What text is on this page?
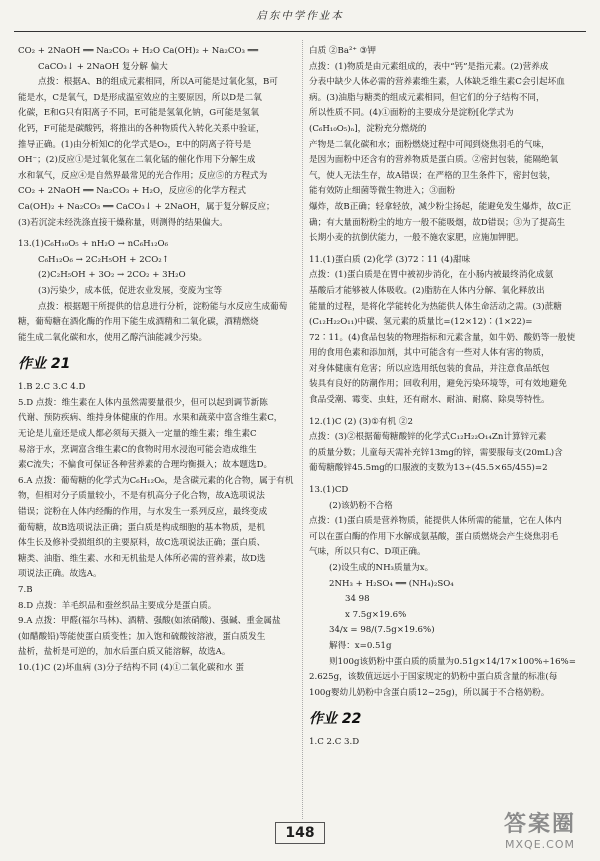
启东中学作业本
CO₂ + 2NaOH ══ Na₂CO₃ + H₂O Ca(OH)₂ + Na₂CO₃ ══
CaCO₃↓ + 2NaOH 复分解 偏大
点拨：根据A、B的组成元素相同，所以A可能是过氧化氢，B可
能是水，C是氧气，D是形成温室效应的主要原因，所以D是二氧
化碳，E和G只有阳离子不同，E可能是氢氧化钠，G可能是氢氧
化钙，F可能是碳酸钙，将推出的各种物质代入转化关系中验证，
推导正确。(1)由分析知C的化学式是O₂，E中的阴离子符号是
OH⁻；(2)反应①是过氧化氢在二氧化锰的催化作用下分解生成
水和氧气，反应④是自然界最常见的光合作用；反应⑤的方程式为
CO₂ + 2NaOH ══ Na₂CO₃ + H₂O，反应⑥的化学方程式
Ca(OH)₂ + Na₂CO₃ ══ CaCO₃↓ + 2NaOH，属于复分解反应；
(3)若沉淀未经洗涤直接干燥称量，则测得的结果偏大。
13.(1)C₆H₁₀O₅ + nH₂O → nC₆H₁₂O₆
C₆H₁₂O₆ → 2C₂H₅OH + 2CO₂↑
(2)C₂H₅OH + 3O₂ → 2CO₂ + 3H₂O
(3)污染少，成本低，促进农业发展，变废为宝等
点拨：根据题干所提供的信息进行分析，淀粉能与水反应生成葡萄
糖，葡萄糖在酒化酶的作用下能生成酒精和二氧化碳，酒精燃烧
能生成二氧化碳和水，使用乙醇汽油能减少污染。
作业 21
1.B 2.C 3.C 4.D
5.D 点拨：维生素在人体内虽然需要量很少，但可以起到调节新陈
代谢、预防疾病、维持身体健康的作用。水果和蔬菜中富含维生素C，
无论是儿童还是成人都必须每天摄入一定量的维生素；维生素C
易溶于水，烹调富含维生素C的食物时用水浸泡可能会造成维生
素C流失；不偏食可保证各种营养素的合理均衡摄入；故本题选D。
6.A 点拨：葡萄糖的化学式为C₆H₁₂O₆，是含碳元素的化合物，属于有机
物，但相对分子质量较小，不是有机高分子化合物，故A选项说法
错误；淀粉在人体内经酶的作用，与水发生一系列反应，最终变成
葡萄糖，故B选项说法正确；蛋白质是构成细胞的基本物质，是机
体生长及修补受损组织的主要原料，故C选项说法正确；蛋白质、
糖类、油脂、维生素、水和无机盐是人体所必需的营养素，故D选
项说法正确。故选A。
7.B
8.D 点拨：羊毛织品和蚕丝织品主要成分是蛋白质。
9.A 点拨：甲醛(福尔马林)、酒精、强酸(如浓硝酸)、强碱、重金属盐
(如醋酸铅)等能使蛋白质变性；加入饱和硫酸铵溶液，蛋白质发生
盐析，盐析是可逆的，加水后蛋白质又能溶解，故选A。
10.(1)C (2)坏血病 (3)分子结构不同 (4)①二氧化碳和水 蛋
白质 ②Ba²⁺ ③钾
点拨：(1)物质是由元素组成的，表中“钙”是指元素。(2)营养成
分表中缺少人体必需的营养素维生素，人体缺乏维生素C会引起坏血
病。(3)油脂与糖类的组成元素相同，但它们的分子结构不同，
所以性质不同。(4)①面粉的主要成分是淀粉[化学式为
(C₆H₁₀O₅)ₙ]，淀粉充分燃烧的
产物是二氧化碳和水；面粉燃烧过程中可闻到烧焦羽毛的气味，
是因为面粉中还含有的营养物质是蛋白质。②密封包装，能隔绝氧
气，使人无法生存，故A错误；在严格的卫生条件下，密封包装，
能有效防止细菌等微生物进入；③面粉
爆炸，故B正确；轻拿轻放，减少粉尘扬起，能避免发生爆炸，故C正
确；有大量面粉粉尘的地方一般不能吸烟，故D错误；③为了提高生
长期小麦的抗倒伏能力，一般不施农家肥，应施加钾肥。
11.(1)蛋白质 (2)化学 (3)72∶11 (4)甜味
点拨：(1)蛋白质是在胃中被初步消化，在小肠内被最终消化成氨
基酸后才能够被人体吸收。(2)脂肪在人体内分解、氧化释放出
能量的过程，是将化学能转化为热能供人体生命活动之需。(3)蔗糖
(C₁₂H₂₂O₁₁)中碳、氢元素的质量比=(12×12)∶(1×22)=
72∶11。(4)食品包装的物理指标和元素含量，如牛奶、酸奶等一般使
用的食用色素和添加剂，其中可能含有一些对人体有害的物质，
对身体健康有危害；所以应选用纸包装的食品，并注意食品纸包
装具有良好的防潮作用；回收利用，避免污染环境等，可有效地避免
食品受潮、霉变、虫蛀，还有耐水、耐油、耐腐、除臭等特性。
12.(1)C (2) (3)①有机 ②2
点拨：(3)②根据葡萄糖酸锌的化学式C₁₂H₂₂O₁₄Zn计算锌元素
的质量分数；儿童每天需补充锌13mg的锌，需要服每支(20mL)含
葡萄糖酸锌45.5mg的口服液的支数为13÷(45.5×65/455)=2
13.(1)CD
(2)该奶粉不合格
点拨：(1)蛋白质是营养物质，能提供人体所需的能量，它在人体内
可以在蛋白酶的作用下水解成氨基酸，蛋白质燃烧会产生烧焦羽毛
气味，所以只有C、D项正确。
(2)设生成的NH₃质量为x。
2NH₃ + H₂SO₄ ══ (NH₄)₂SO₄
34 98
x 7.5g×19.6%
34/x = 98/(7.5g×19.6%)
解得：x=0.51g
则100g该奶粉中蛋白质的质量为0.51g×14/17×100%÷16%=
2.625g，该数值远远小于国家规定的奶粉中蛋白质含量的标准(每
100g婴幼儿奶粉中含蛋白质12~25g)，所以属于不合格奶粉。
作业 22
1.C 2.C 3.D
148	答案圈
MXQE.COM
